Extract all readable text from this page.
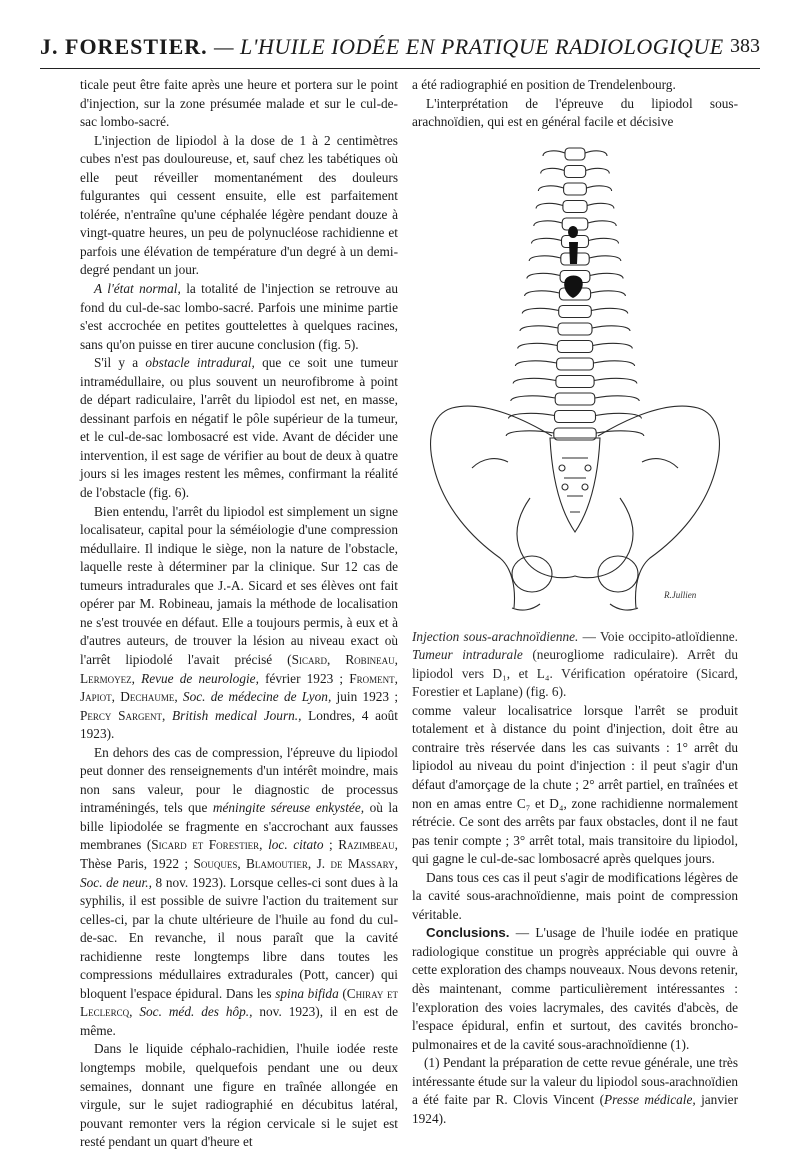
J. FORESTIER. — L'HUILE IODÉE EN PRATIQUE RADIOLOGIQUE 383

ticale peut être faite après une heure et portera sur le point d'injection, sur la zone présumée malade et sur le cul-de-sac lombo-sacré.

L'injection de lipiodol à la dose de 1 à 2 centimètres cubes n'est pas douloureuse, et, sauf chez les tabétiques où elle peut réveiller momentanément des douleurs fulgurantes qui cessent ensuite, elle est parfaitement tolérée, n'entraîne qu'une céphalée légère pendant douze à vingt-quatre heures, un peu de polynucléose rachidienne et parfois une élévation de température d'un degré à un demi-degré pendant un jour.

A l'état normal, la totalité de l'injection se retrouve au fond du cul-de-sac lombo-sacré. Parfois une minime partie s'est accrochée en petites gouttelettes à quelques racines, sans qu'on puisse en tirer aucune conclusion (fig. 5).

S'il y a obstacle intradural, que ce soit une tumeur intramédullaire, ou plus souvent un neurofibrome à point de départ radiculaire, l'arrêt du lipiodol est net, en masse, dessinant parfois en négatif le pôle supérieur de la tumeur, et le cul-de-sac lombosacré est vide. Avant de décider une intervention, il est sage de vérifier au bout de deux à quatre jours si les images restent les mêmes, confirmant la réalité de l'obstacle (fig. 6).

Bien entendu, l'arrêt du lipiodol est simplement un signe localisateur, capital pour la séméiologie d'une compression médullaire. Il indique le siège, non la nature de l'obstacle, laquelle reste à déterminer par la clinique. Sur 12 cas de tumeurs intradurales que J.-A. Sicard et ses élèves ont fait opérer par M. Robineau, jamais la méthode de localisation ne s'est trouvée en défaut. Elle a toujours permis, à eux et à d'autres auteurs, de trouver la lésion au niveau exact où l'arrêt lipiodolé l'avait précisé (Sicard, Robineau, Lermoyez, Revue de neurologie, février 1923 ; Froment, Japiot, Dechaume, Soc. de médecine de Lyon, juin 1923 ; Percy Sargent, British medical Journ., Londres, 4 août 1923).

En dehors des cas de compression, l'épreuve du lipiodol peut donner des renseignements d'un intérêt moindre, mais non sans valeur, pour le diagnostic de processus intraméningés, tels que méningite séreuse enkystée, où la bille lipiodolée se fragmente en s'accrochant aux fausses membranes (Sicard et Forestier, loc. citato ; Razimbeau, Thèse Paris, 1922 ; Souques, Blamoutier, J. de Massary, Soc. de neur., 8 nov. 1923). Lorsque celles-ci sont dues à la syphilis, il est possible de suivre l'action du traitement sur celles-ci, par la chute ultérieure de l'huile au fond du cul-de-sac. En revanche, il nous paraît que la cavité rachidienne reste longtemps libre dans toutes les compressions médullaires extradurales (Pott, cancer) qui bloquent l'espace épidural. Dans les spina bifida (Chiray et Leclercq, Soc. méd. des hôp., nov. 1923), il en est de même.

Dans le liquide céphalo-rachidien, l'huile iodée reste longtemps mobile, quelquefois pendant une ou deux semaines, donnant une figure en traînée allongée en virgule, sur le sujet radiographié en décubitus latéral, pouvant remonter vers la région cervicale si le sujet est resté pendant un quart d'heure et

a été radiographié en position de Trendelenbourg.

L'interprétation de l'épreuve du lipiodol sous-arachnoïdien, qui est en général facile et décisive

R.Jullien

Injection sous-arachnoïdienne. — Voie occipito-atloïdienne. Tumeur intradurale (neurogliome radiculaire). Arrêt du lipiodol vers D₁, et L₄. Vérification opératoire (Sicard, Forestier et Laplane) (fig. 6).

comme valeur localisatrice lorsque l'arrêt se produit totalement et à distance du point d'injection, doit être au contraire très réservée dans les cas suivants : 1° arrêt du lipiodol au niveau du point d'injection : il peut s'agir d'un défaut d'amorçage de la chute ; 2° arrêt partiel, en traînées et non en amas entre C₇ et D₄, zone rachidienne normalement rétrécie. Ce sont des arrêts par faux obstacles, dont il ne faut pas tenir compte ; 3° arrêt total, mais transitoire du lipiodol, qui gagne le cul-de-sac lombosacré après quelques jours.

Dans tous ces cas il peut s'agir de modifications légères de la cavité sous-arachnoïdienne, mais point de compression véritable.

Conclusions. — L'usage de l'huile iodée en pratique radiologique constitue un progrès appréciable qui ouvre à cette exploration des champs nouveaux. Nous devons retenir, dès maintenant, comme particulièrement intéressantes : l'exploration des voies lacrymales, des cavités d'abcès, de l'espace épidural, enfin et surtout, des cavités broncho-pulmonaires et de la cavité sous-arachnoïdienne (1).

(1) Pendant la préparation de cette revue générale, une très intéressante étude sur la valeur du lipiodol sous-arachnoïdien a été faite par R. Clovis Vincent (Presse médicale, janvier 1924).
